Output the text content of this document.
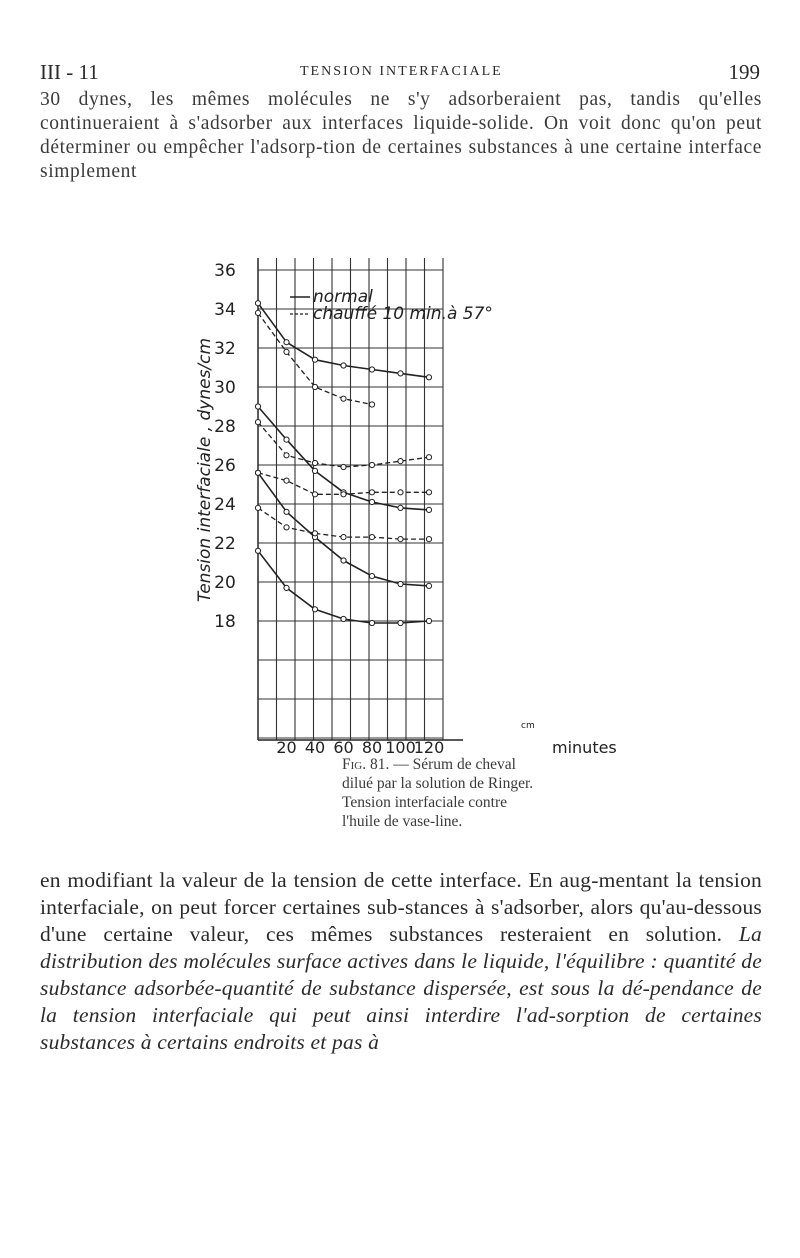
III - 11	TENSION INTERFACIALE	199
30 dynes, les mêmes molécules ne s'y adsorberaient pas, tandis qu'elles continueraient à s'adsorber aux interfaces liquide-solide. On voit donc qu'on peut déterminer ou empêcher l'adsorp-tion de certaines substances à une certaine interface simplement
36
34
32
30
28
26
24
22
20
18
20 40 60 80 100
120
Tension interfaciale , dynes/cm
minutes
normal
chauffé 10 min.à 57°
cm
Fig. 81. — Sérum de cheval dilué par la solution de Ringer. Tension interfaciale contre l'huile de vase-line.
en modifiant la valeur de la tension de cette interface. En aug-mentant la tension interfaciale, on peut forcer certaines sub-stances à s'adsorber, alors qu'au-dessous d'une certaine valeur, ces mêmes substances resteraient en solution. La distribution des molécules surface actives dans le liquide, l'équilibre : quantité de substance adsorbée-quantité de substance dispersée, est sous la dé-pendance de la tension interfaciale qui peut ainsi interdire l'ad-sorption de certaines substances à certains endroits et pas à
